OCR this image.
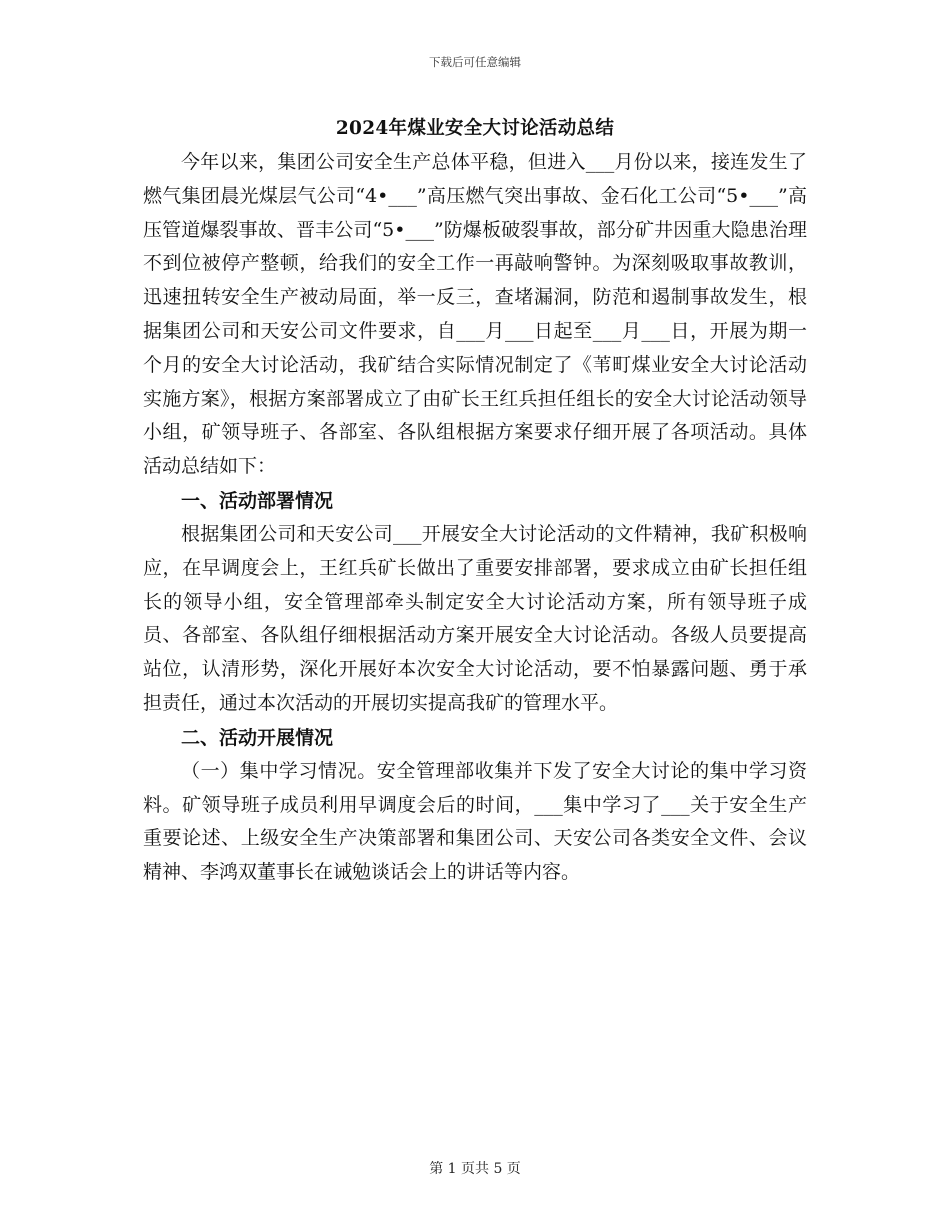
下载后可任意编辑
2024年煤业安全大讨论活动总结

今年以来，集团公司安全生产总体平稳，但进入___月份以来，接连发生了燃气集团晨光煤层气公司“4•___”高压燃气突出事故、金石化工公司“5•___”高压管道爆裂事故、晋丰公司“5•___”防爆板破裂事故，部分矿井因重大隐患治理不到位被停产整顿，给我们的安全工作一再敲响警钟。为深刻吸取事故教训，迅速扭转安全生产被动局面，举一反三，查堵漏洞，防范和遏制事故发生，根据集团公司和天安公司文件要求，自___月___日起至___月___日，开展为期一个月的安全大讨论活动，我矿结合实际情况制定了《苇町煤业安全大讨论活动实施方案》，根据方案部署成立了由矿长王红兵担任组长的安全大讨论活动领导小组，矿领导班子、各部室、各队组根据方案要求仔细开展了各项活动。具体活动总结如下：

一、活动部署情况

根据集团公司和天安公司___开展安全大讨论活动的文件精神，我矿积极响应，在早调度会上，王红兵矿长做出了重要安排部署，要求成立由矿长担任组长的领导小组，安全管理部牵头制定安全大讨论活动方案，所有领导班子成员、各部室、各队组仔细根据活动方案开展安全大讨论活动。各级人员要提高站位，认清形势，深化开展好本次安全大讨论活动，要不怕暴露问题、勇于承担责任，通过本次活动的开展切实提高我矿的管理水平。

二、活动开展情况

（一）集中学习情况。安全管理部收集并下发了安全大讨论的集中学习资料。矿领导班子成员利用早调度会后的时间，___集中学习了___关于安全生产重要论述、上级安全生产决策部署和集团公司、天安公司各类安全文件、会议精神、李鸿双董事长在诫勉谈话会上的讲话等内容。

第 1 页共 5 页
